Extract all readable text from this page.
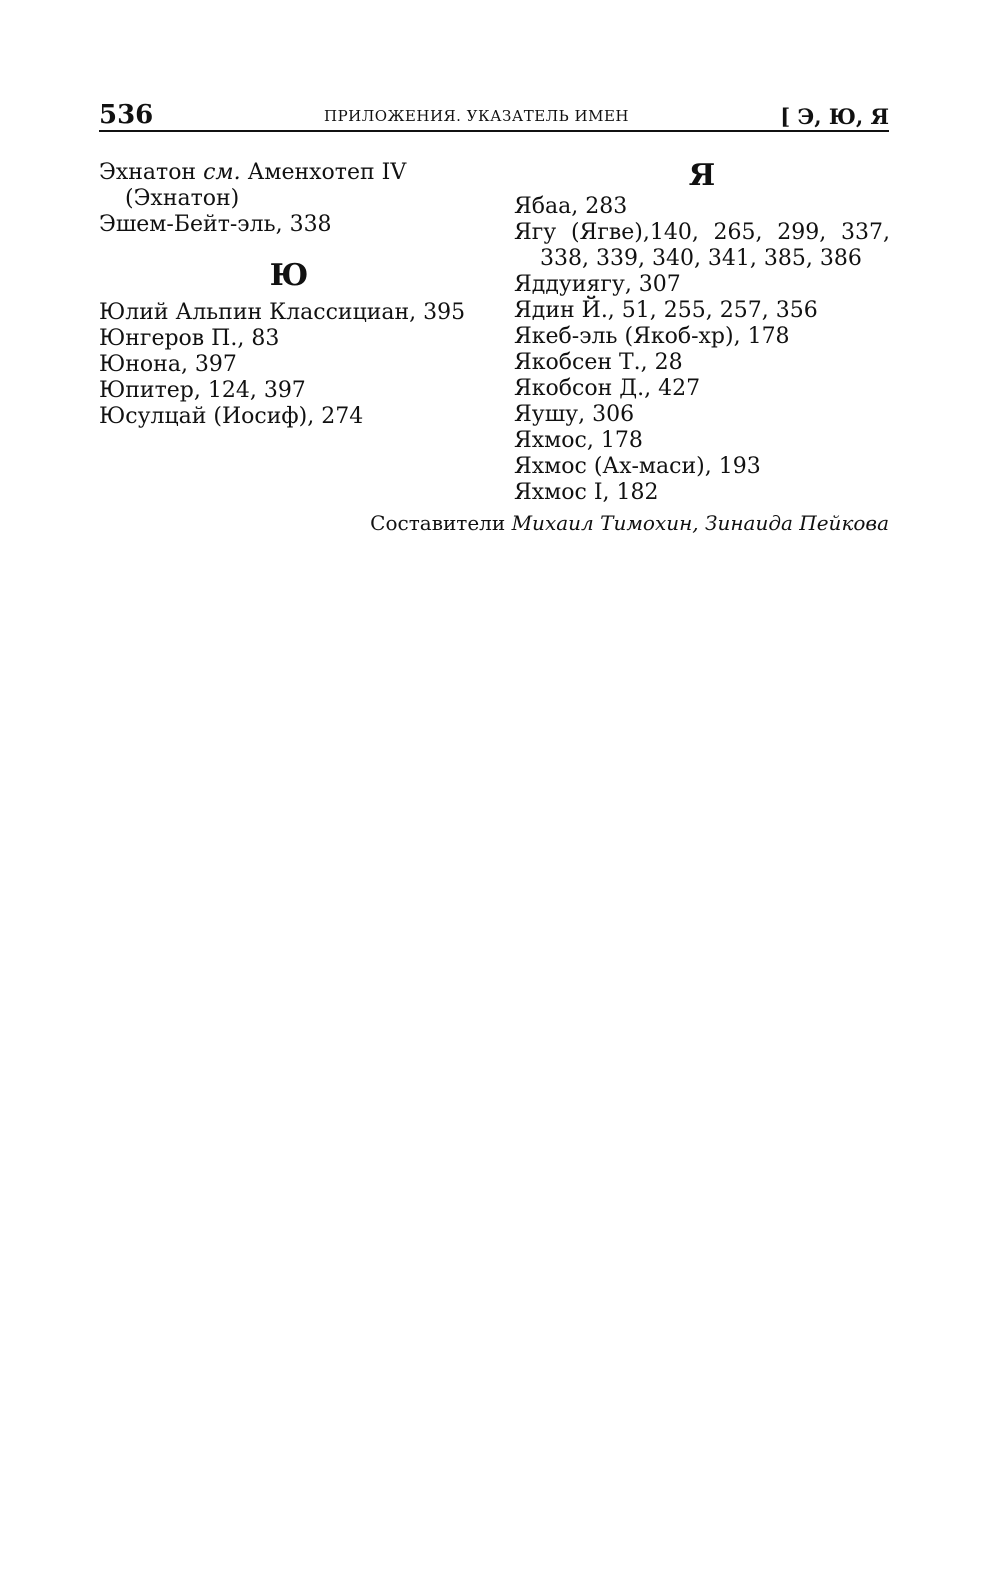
536	ПРИЛОЖЕНИЯ. УКАЗАТЕЛЬ ИМЕН	[ Э, Ю, Я
Эхнатон см. Аменхотеп IV (Эхнатон)
Эшем-Бейт-эль, 338
Ю
Юлий Альпин Классициан, 395
Юнгеров П., 83
Юнона, 397
Юпитер, 124, 397
Юсулцай (Иосиф), 274
Я
Ябаа, 283
Ягу (Ягве),140, 265, 299, 337, 338, 339, 340, 341, 385, 386
Яддуиягу, 307
Ядин Й., 51, 255, 257, 356
Якеб-эль (Якоб-хр), 178
Якобсен Т., 28
Якобсон Д., 427
Яушу, 306
Яхмос, 178
Яхмос (Ах-маси), 193
Яхмос I, 182
Составители Михаил Тимохин, Зинаида Пейкова
